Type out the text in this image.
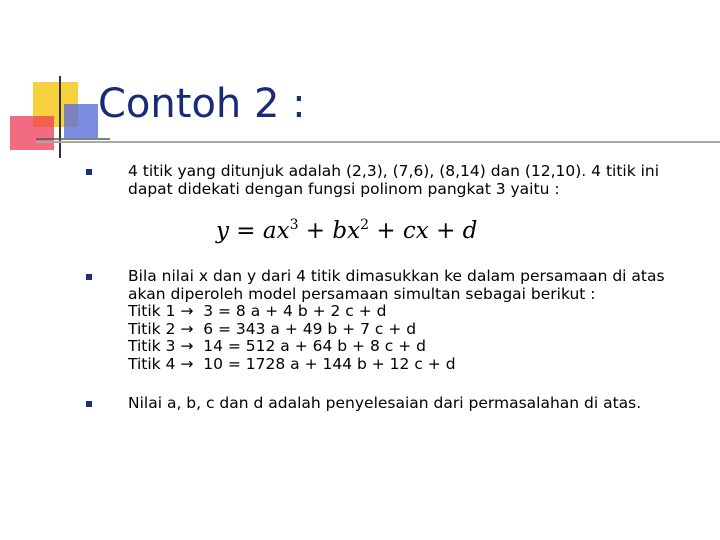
Contoh 2 :
4 titik yang ditunjuk adalah (2,3), (7,6), (8,14) dan (12,10). 4 titik ini dapat didekati dengan fungsi polinom pangkat 3 yaitu :
$y = ax^3 + bx^2$ + cx + d
Bila nilai x dan y dari 4 titik dimasukkan ke dalam persamaan di atas akan diperoleh model persamaan simultan sebagai berikut :
Titik 1 →  3 = 8 a + 4 b + 2 c + d
Titik 2 →  6 = 343 a + 49 b + 7 c + d
Titik 3 →  14 = 512 a + 64 b + 8 c + d
Titik 4 →  10 = 1728 a + 144 b + 12 c + d
Nilai a, b, c dan d adalah penyelesaian dari permasalahan di atas.
